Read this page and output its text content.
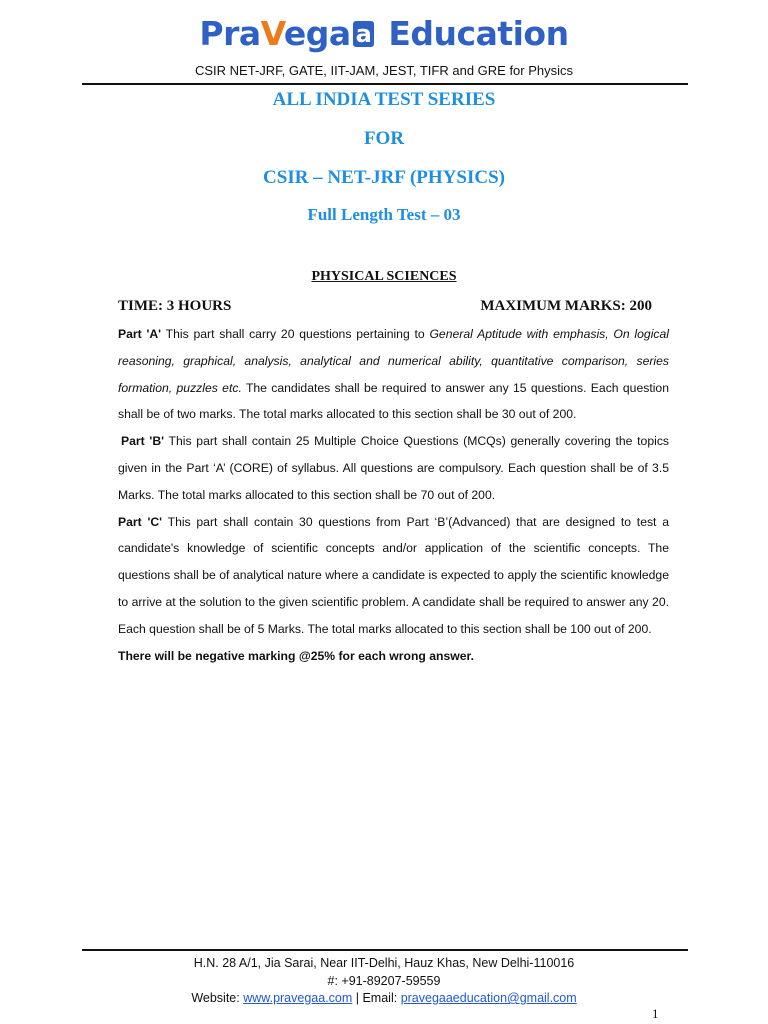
PraVega a Education
CSIR NET-JRF, GATE, IIT-JAM, JEST, TIFR and GRE for Physics
ALL INDIA TEST SERIES
FOR
CSIR – NET-JRF (PHYSICS)
Full Length Test – 03
PHYSICAL SCIENCES
TIME: 3 HOURS	MAXIMUM MARKS: 200

Part 'A' This part shall carry 20 questions pertaining to General Aptitude with emphasis, On logical reasoning, graphical, analysis, analytical and numerical ability, quantitative comparison, series formation, puzzles etc. The candidates shall be required to answer any 15 questions. Each question shall be of two marks. The total marks allocated to this section shall be 30 out of 200.

Part 'B' This part shall contain 25 Multiple Choice Questions (MCQs) generally covering the topics given in the Part ‘A’ (CORE) of syllabus. All questions are compulsory. Each question shall be of 3.5 Marks. The total marks allocated to this section shall be 70 out of 200.

Part 'C' This part shall contain 30 questions from Part ‘B’(Advanced) that are designed to test a candidate's knowledge of scientific concepts and/or application of the scientific concepts. The questions shall be of analytical nature where a candidate is expected to apply the scientific knowledge to arrive at the solution to the given scientific problem. A candidate shall be required to answer any 20. Each question shall be of 5 Marks. The total marks allocated to this section shall be 100 out of 200.

There will be negative marking @25% for each wrong answer.

H.N. 28 A/1, Jia Sarai, Near IIT-Delhi, Hauz Khas, New Delhi-110016
#: +91-89207-59559
Website: www.pravegaa.com | Email: pravegaaeducation@gmail.com
1
